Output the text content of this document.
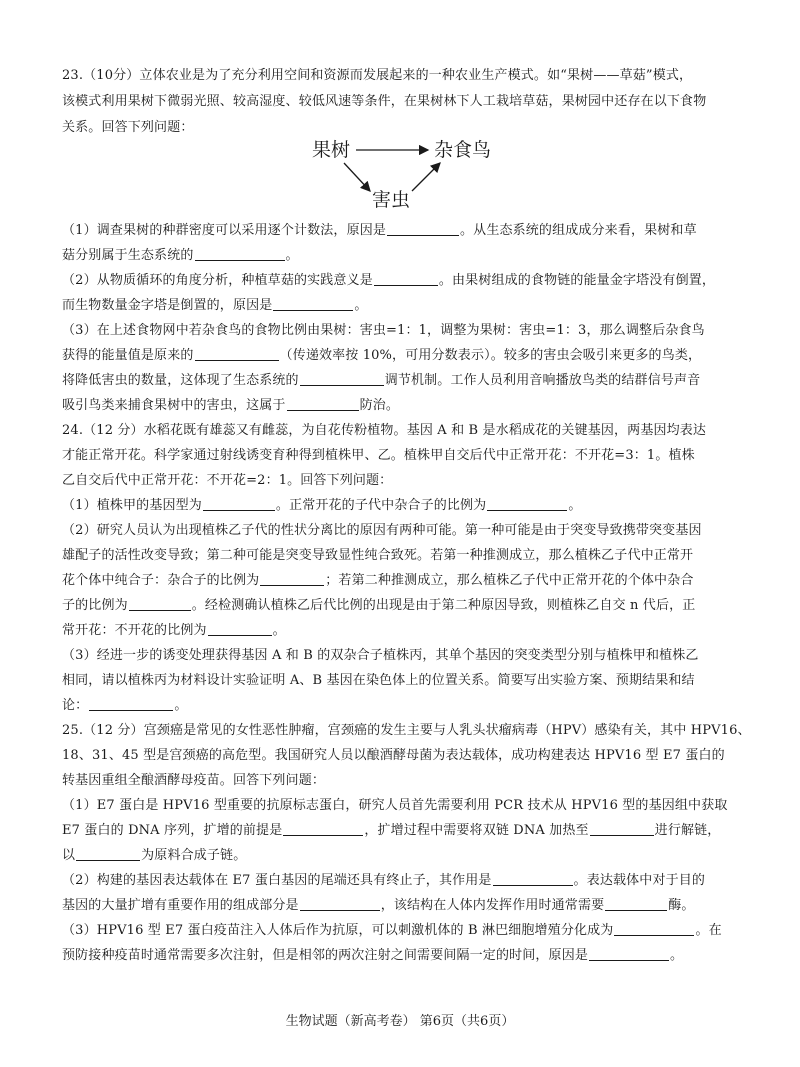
23.（10分）立体农业是为了充分利用空间和资源而发展起来的一种农业生产模式。如“果树——草菇”模式，
该模式利用果树下微弱光照、较高湿度、较低风速等条件，在果树林下人工栽培草菇，果树园中还存在以下食物
关系。回答下列问题：
果树	杂食鸟
害虫
（1）调查果树的种群密度可以采用逐个计数法，原因是	。从生态系统的组成成分来看，果树和草
菇分别属于生态系统的	。
（2）从物质循环的角度分析，种植草菇的实践意义是	。由果树组成的食物链的能量金字塔没有倒置，
而生物数量金字塔是倒置的，原因是	。
（3）在上述食物网中若杂食鸟的食物比例由果树：害虫=1：1，调整为果树：害虫=1：3，那么调整后杂食鸟
获得的能量值是原来的	（传递效率按 10%，可用分数表示）。较多的害虫会吸引来更多的鸟类，
将降低害虫的数量，这体现了生态系统的	调节机制。工作人员利用音响播放鸟类的结群信号声音
吸引鸟类来捕食果树中的害虫，这属于	防治。
24.（12 分）水稻花既有雄蕊又有雌蕊，为自花传粉植物。基因 A 和 B 是水稻成花的关键基因，两基因均表达
才能正常开花。科学家通过射线诱变育种得到植株甲、乙。植株甲自交后代中正常开花：不开花=3：1。植株
乙自交后代中正常开花：不开花=2：1。回答下列问题：
（1）植株甲的基因型为	。正常开花的子代中杂合子的比例为	。
（2）研究人员认为出现植株乙子代的性状分离比的原因有两种可能。第一种可能是由于突变导致携带突变基因
雄配子的活性改变导致；第二种可能是突变导致显性纯合致死。若第一种推测成立，那么植株乙子代中正常开
花个体中纯合子：杂合子的比例为	；若第二种推测成立，那么植株乙子代中正常开花的个体中杂合
子的比例为	。经检测确认植株乙后代比例的出现是由于第二种原因导致，则植株乙自交 n 代后，正
常开花：不开花的比例为	。
（3）经进一步的诱变处理获得基因 A 和 B 的双杂合子植株丙，其单个基因的突变类型分别与植株甲和植株乙
相同，请以植株丙为材料设计实验证明 A、B 基因在染色体上的位置关系。简要写出实验方案、预期结果和结
论：	。
25.（12 分）宫颈癌是常见的女性恶性肿瘤，宫颈癌的发生主要与人乳头状瘤病毒（HPV）感染有关，其中 HPV16、
18、31、45 型是宫颈癌的高危型。我国研究人员以酿酒酵母菌为表达载体，成功构建表达 HPV16 型 E7 蛋白的
转基因重组全酿酒酵母疫苗。回答下列问题：
（1）E7 蛋白是 HPV16 型重要的抗原标志蛋白，研究人员首先需要利用 PCR 技术从 HPV16 型的基因组中获取
E7 蛋白的 DNA 序列，扩增的前提是	，扩增过程中需要将双链 DNA 加热至	进行解链，
以	为原料合成子链。
（2）构建的基因表达载体在 E7 蛋白基因的尾端还具有终止子，其作用是	。表达载体中对于目的
基因的大量扩增有重要作用的组成部分是	，该结构在人体内发挥作用时通常需要	酶。
（3）HPV16 型 E7 蛋白疫苗注入人体后作为抗原，可以刺激机体的 B 淋巴细胞增殖分化成为	。在
预防接种疫苗时通常需要多次注射，但是相邻的两次注射之间需要间隔一定的时间，原因是	。
生物试题（新高考卷） 第6页（共6页）
